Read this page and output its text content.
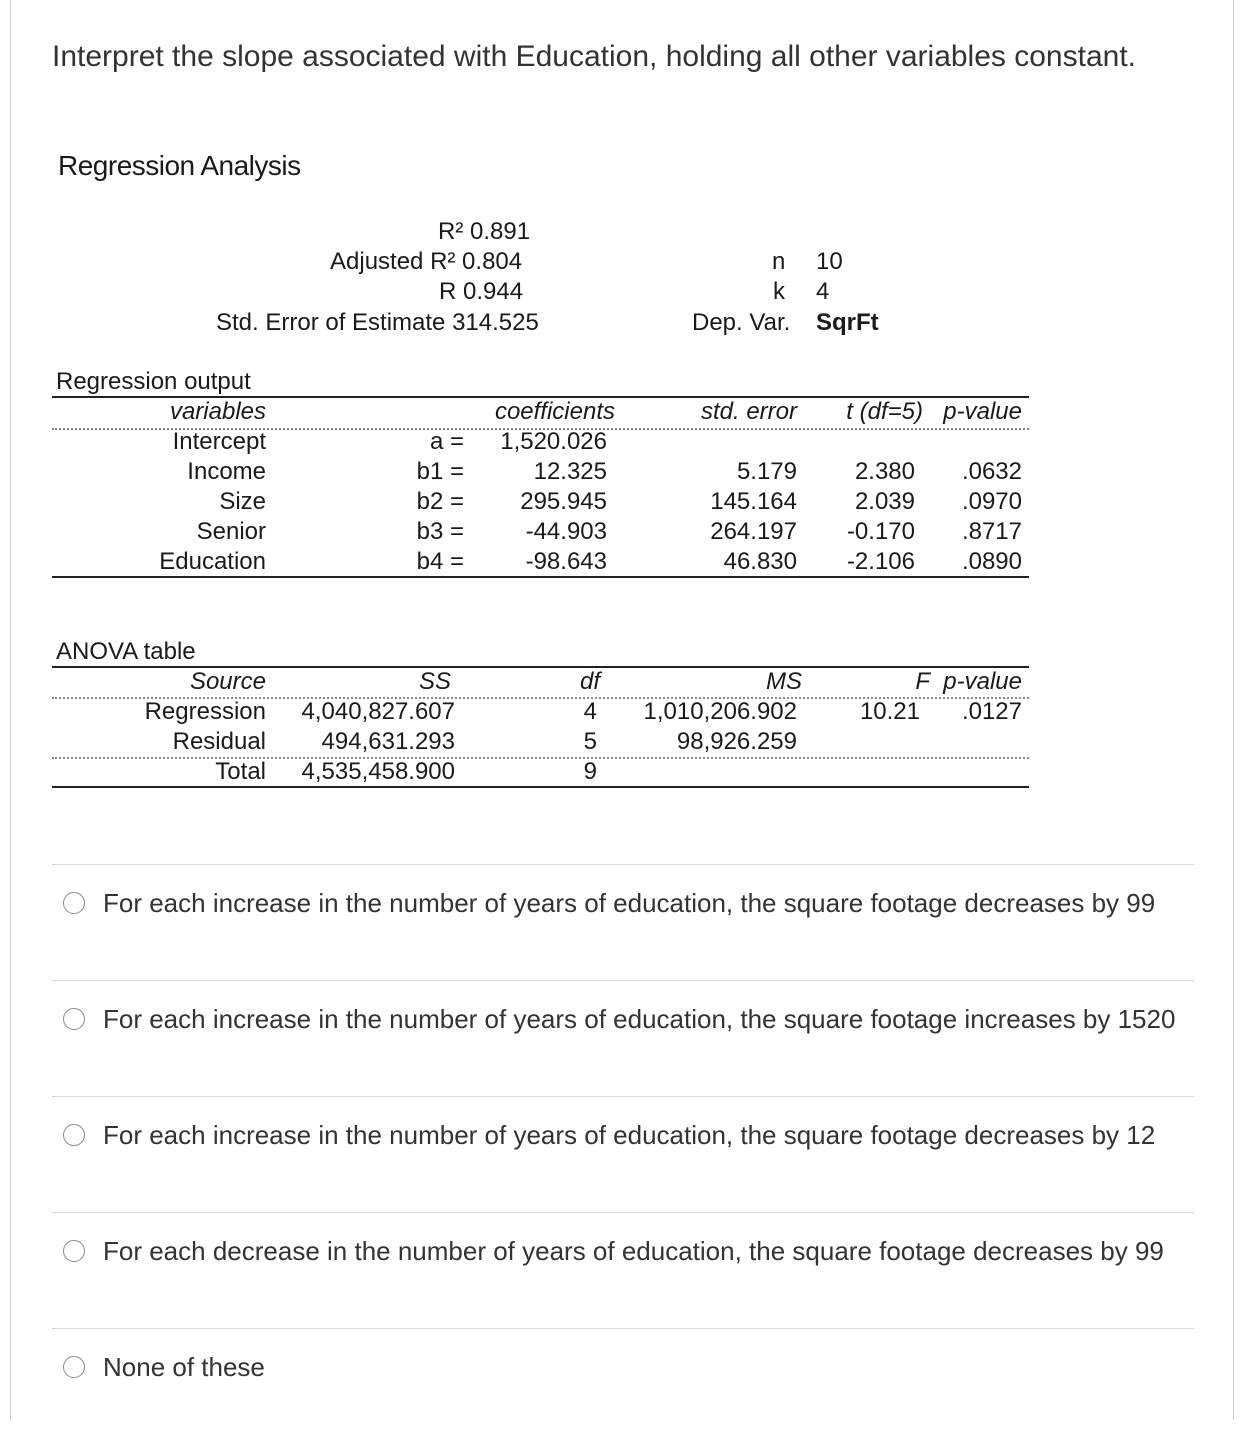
Interpret the slope associated with Education, holding all other variables constant.
Regression Analysis
R² 0.891
Adjusted R² 0.804
R 0.944
Std. Error of Estimate 314.525
n 10
k 4
Dep. Var. SqrFt
Regression output
variables	coefficients	std. error	t (df=5) p-value
Intercept	a =	1,520.026
Income	b1 =	12.325	5.179	2.380	.0632
Size	b2 =	295.945	145.164	2.039	.0970
Senior	b3 =	-44.903	264.197	-0.170	.8717
Education	b4 =	-98.643	46.830	-2.106	.0890
ANOVA table
Source	SS	df	MS	F p-value
Regression	4,040,827.607	4	1,010,206.902	10.21	.0127
Residual	494,631.293	5	98,926.259
Total	4,535,458.900	9
For each increase in the number of years of education, the square footage decreases by 99
For each increase in the number of years of education, the square footage increases by 1520
For each increase in the number of years of education, the square footage decreases by 12
For each decrease in the number of years of education, the square footage decreases by 99
None of these
